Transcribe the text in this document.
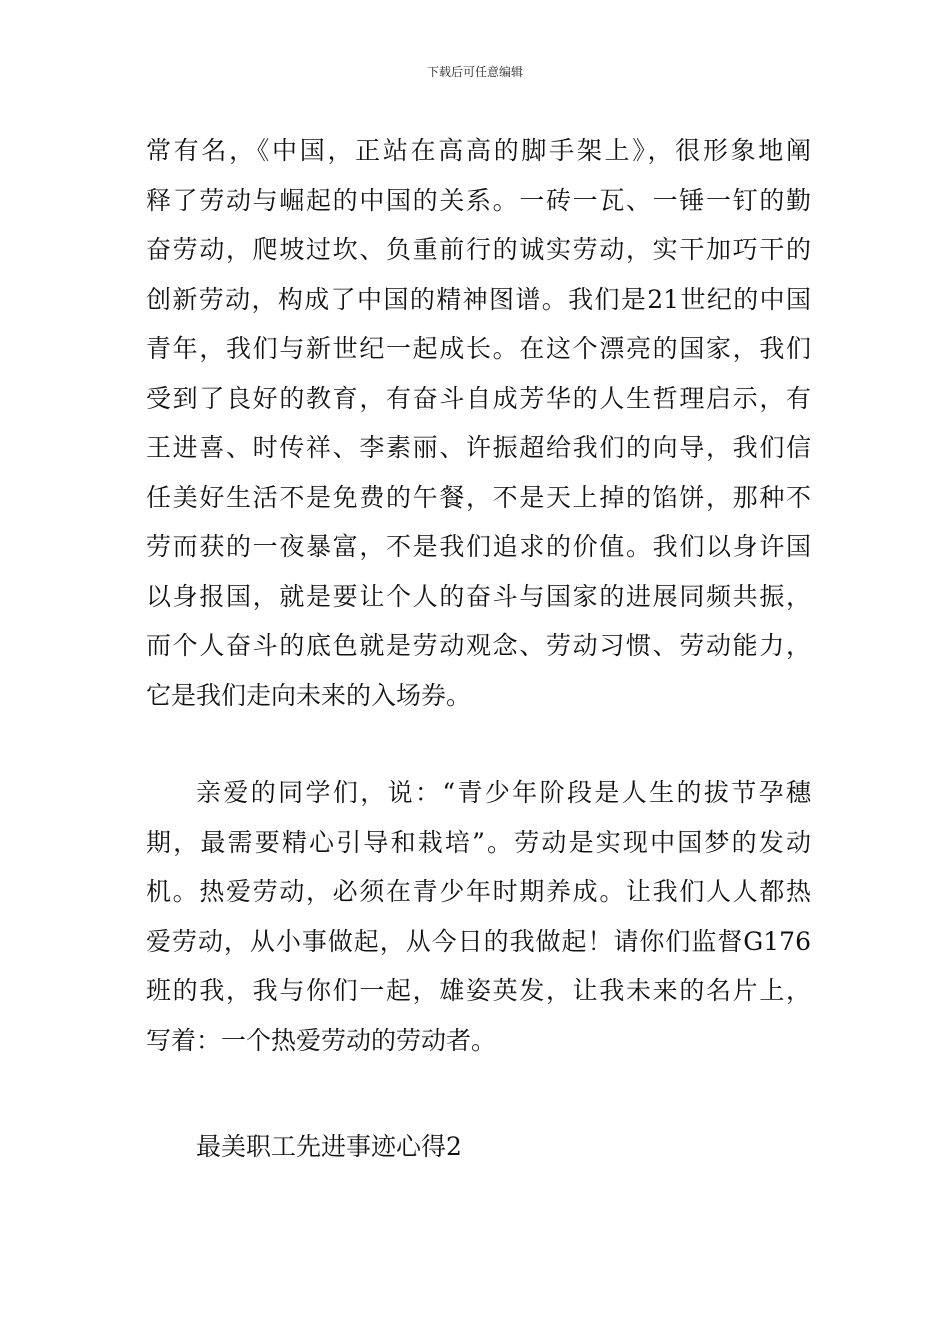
下载后可任意编辑
常有名，《中国，正站在高高的脚手架上》，很形象地阐
释了劳动与崛起的中国的关系。一砖一瓦、一锤一钉的勤
奋劳动，爬坡过坎、负重前行的诚实劳动，实干加巧干的
创新劳动，构成了中国的精神图谱。我们是21世纪的中国
青年，我们与新世纪一起成长。在这个漂亮的国家，我们
受到了良好的教育，有奋斗自成芳华的人生哲理启示，有
王进喜、时传祥、李素丽、许振超给我们的向导，我们信
任美好生活不是免费的午餐，不是天上掉的馅饼，那种不
劳而获的一夜暴富，不是我们追求的价值。我们以身许国
以身报国，就是要让个人的奋斗与国家的进展同频共振，
而个人奋斗的底色就是劳动观念、劳动习惯、劳动能力，
它是我们走向未来的入场券。
亲爱的同学们，说：“青少年阶段是人生的拔节孕穗
期，最需要精心引导和栽培”。劳动是实现中国梦的发动
机。热爱劳动，必须在青少年时期养成。让我们人人都热
爱劳动，从小事做起，从今日的我做起！请你们监督G176
班的我，我与你们一起，雄姿英发，让我未来的名片上，
写着：一个热爱劳动的劳动者。
最美职工先进事迹心得2
